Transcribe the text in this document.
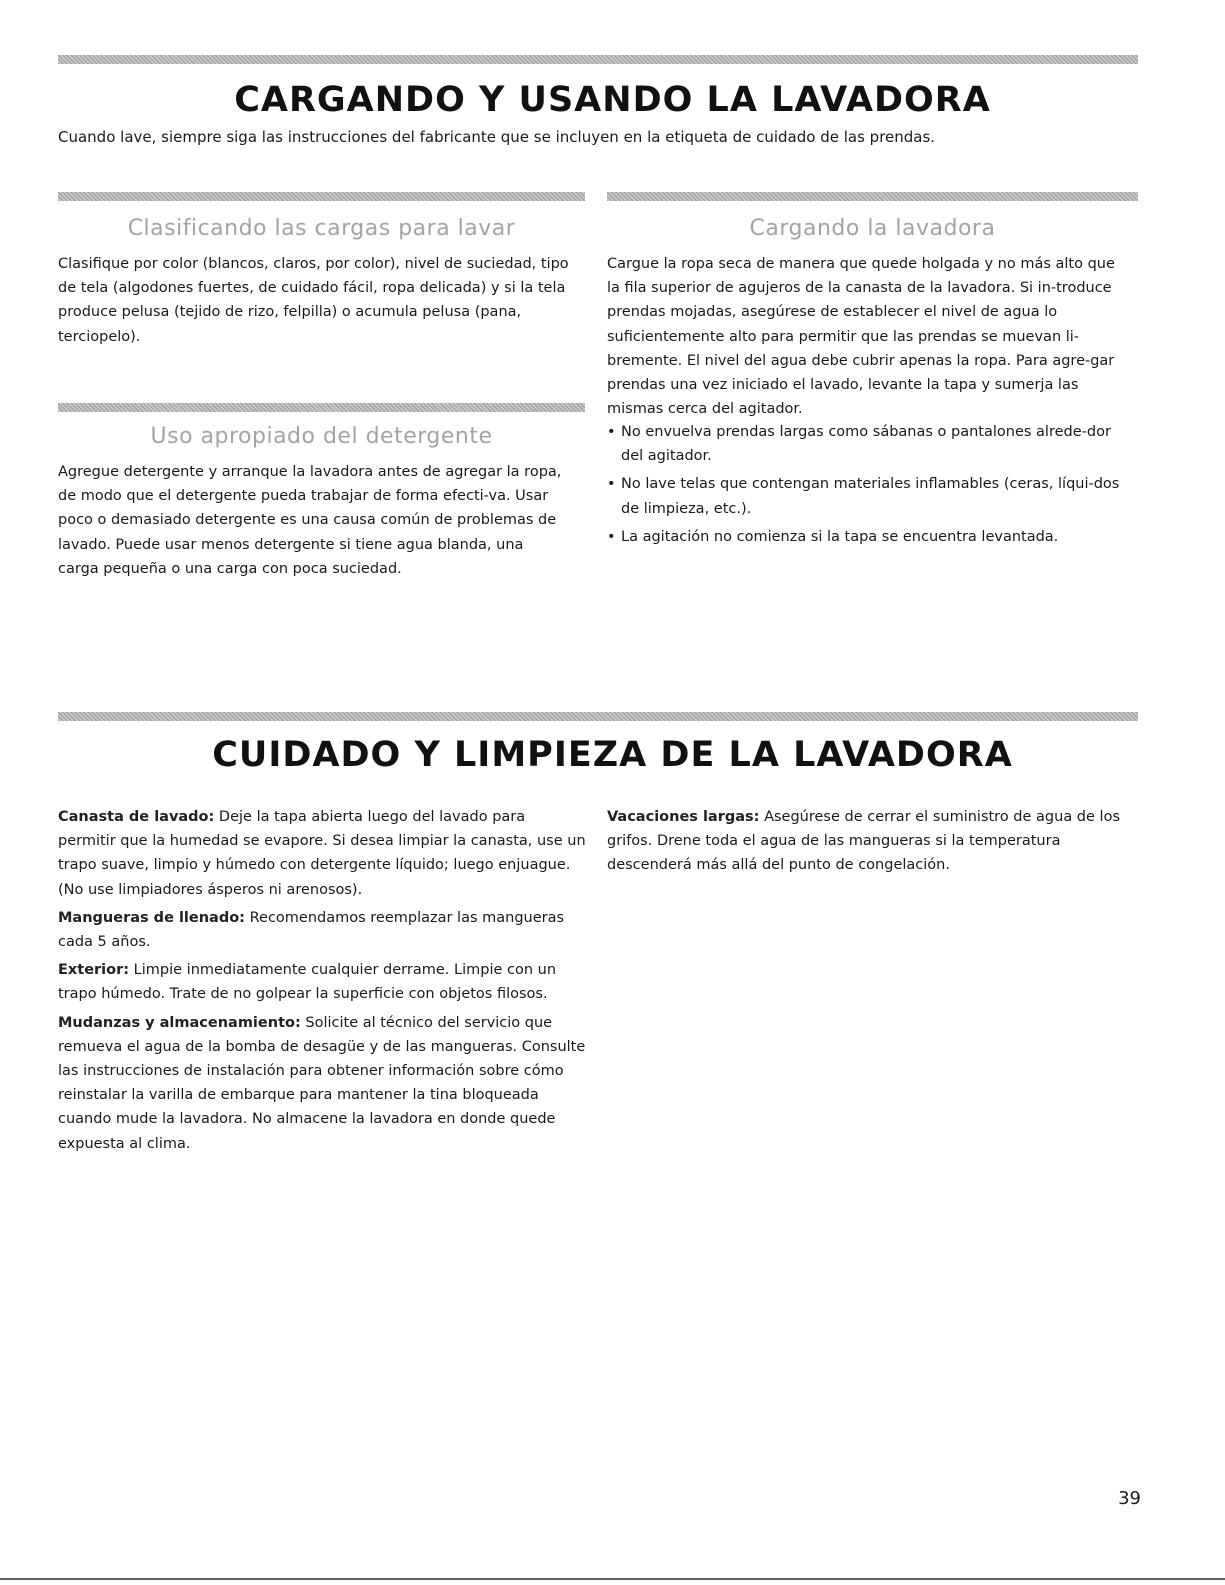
CARGANDO Y USANDO LA LAVADORA

Cuando lave, siempre siga las instrucciones del fabricante que se incluyen en la etiqueta de cuidado de las prendas.

Clasificando las cargas para lavar

Clasifique por color (blancos, claros, por color), nivel de suciedad, tipo de tela (algodones fuertes, de cuidado fácil, ropa delicada) y si la tela produce pelusa (tejido de rizo, felpilla) o acumula pelusa (pana, terciopelo).

Uso apropiado del detergente

Agregue detergente y arranque la lavadora antes de agregar la ropa, de modo que el detergente pueda trabajar de forma efecti-va. Usar poco o demasiado detergente es una causa común de problemas de lavado. Puede usar menos detergente si tiene agua blanda, una carga pequeña o una carga con poca suciedad.

Cargando la lavadora

Cargue la ropa seca de manera que quede holgada y no más alto que la fila superior de agujeros de la canasta de la lavadora. Si in-troduce prendas mojadas, asegúrese de establecer el nivel de agua lo suficientemente alto para permitir que las prendas se muevan li-bremente. El nivel del agua debe cubrir apenas la ropa. Para agre-gar prendas una vez iniciado el lavado, levante la tapa y sumerja las mismas cerca del agitador.

• No envuelva prendas largas como sábanas o pantalones alrede-dor del agitador.
• No lave telas que contengan materiales inflamables (ceras, líqui-dos de limpieza, etc.).
• La agitación no comienza si la tapa se encuentra levantada.
CUIDADO Y LIMPIEZA DE LA LAVADORA

Canasta de lavado: Deje la tapa abierta luego del lavado para permitir que la humedad se evapore. Si desea limpiar la canasta, use un trapo suave, limpio y húmedo con detergente líquido; luego enjuague. (No use limpiadores ásperos ni arenosos).

Mangueras de llenado: Recomendamos reemplazar las mangueras cada 5 años.

Exterior: Limpie inmediatamente cualquier derrame. Limpie con un trapo húmedo. Trate de no golpear la superficie con objetos filosos.

Mudanzas y almacenamiento: Solicite al técnico del servicio que remueva el agua de la bomba de desagüe y de las mangueras. Consulte las instrucciones de instalación para obtener información sobre cómo reinstalar la varilla de embarque para mantener la tina bloqueada cuando mude la lavadora. No almacene la lavadora en donde quede expuesta al clima.

Vacaciones largas: Asegúrese de cerrar el suministro de agua de los grifos. Drene toda el agua de las mangueras si la temperatura descenderá más allá del punto de congelación.

39
